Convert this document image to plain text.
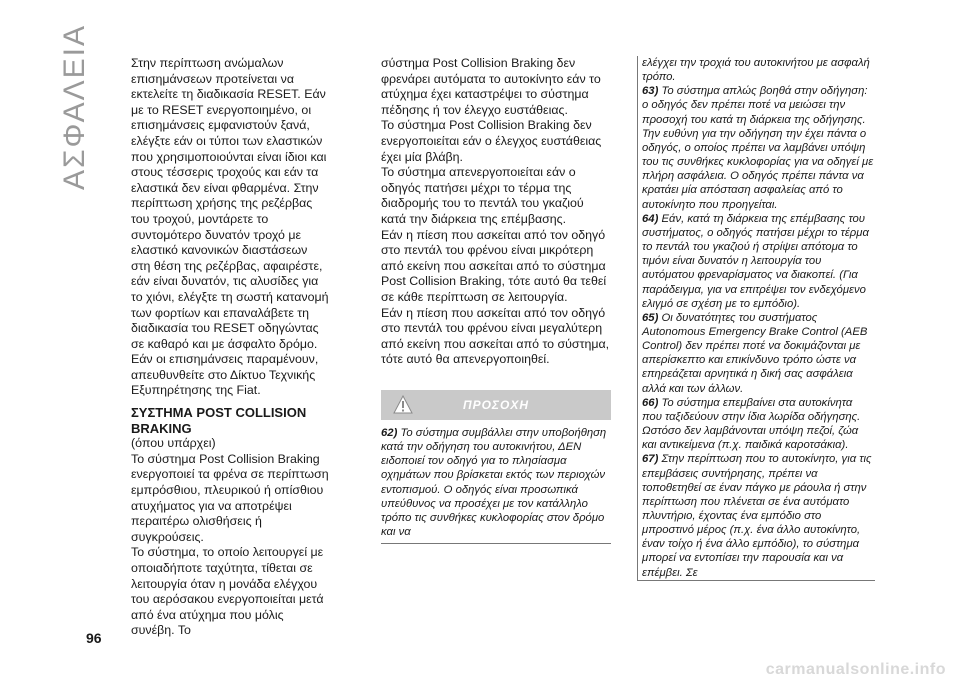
ΑΣΦΑΛΕΙΑ	Στην περίπτωση ανώμαλων επισημάνσεων προτείνεται να εκτελείτε τη διαδικασία RESET. Εάν με το RESET ενεργοποιημένο, οι επισημάνσεις εμφανιστούν ξανά, ελέγξτε εάν οι τύποι των ελαστικών που χρησιμοποιούνται είναι ίδιοι και στους τέσσερις τροχούς και εάν τα ελαστικά δεν είναι φθαρμένα. Στην περίπτωση χρήσης της ρεζέρβας του τροχού, μοντάρετε το συντομότερο δυνατόν τροχό με ελαστικό κανονικών διαστάσεων στη θέση της ρεζέρβας, αφαιρέστε, εάν είναι δυνατόν, τις αλυσίδες για το χιόνι, ελέγξτε τη σωστή κατανομή των φορτίων και επαναλάβετε τη διαδικασία του RESET οδηγώντας σε καθαρό και με άσφαλτο δρόμο. Εάν οι επισημάνσεις παραμένουν, απευθυνθείτε στο Δίκτυο Τεχνικής Εξυπηρέτησης της Fiat.

ΣΥΣΤΗΜΑ POST COLLISION BRAKING

(όπου υπάρχει)

Το σύστημα Post Collision Braking ενεργοποιεί τα φρένα σε περίπτωση εμπρόσθιου, πλευρικού ή οπίσθιου ατυχήματος για να αποτρέψει περαιτέρω ολισθήσεις ή συγκρούσεις.

Το σύστημα, το οποίο λειτουργεί με οποιαδήποτε ταχύτητα, τίθεται σε λειτουργία όταν η μονάδα ελέγχου του αερόσακου ενεργοποιείται μετά από ένα ατύχημα που μόλις συνέβη. Το

σύστημα Post Collision Braking δεν φρενάρει αυτόματα το αυτοκίνητο εάν το ατύχημα έχει καταστρέψει το σύστημα πέδησης ή τον έλεγχο ευστάθειας.

Το σύστημα Post Collision Braking δεν ενεργοποιείται εάν ο έλεγχος ευστάθειας έχει μία βλάβη.

Το σύστημα απενεργοποιείται εάν ο οδηγός πατήσει μέχρι το τέρμα της διαδρομής του το πεντάλ του γκαζιού κατά την διάρκεια της επέμβασης.

Εάν η πίεση που ασκείται από τον οδηγό στο πεντάλ του φρένου είναι μικρότερη από εκείνη που ασκείται από το σύστημα Post Collision Braking, τότε αυτό θα τεθεί σε κάθε περίπτωση σε λειτουργία.

Εάν η πίεση που ασκείται από τον οδηγό στο πεντάλ του φρένου είναι μεγαλύτερη από εκείνη που ασκείται από το σύστημα, τότε αυτό θα απενεργοποιηθεί.

ΠΡΟΣΟΧΗ

62) Το σύστημα συμβάλλει στην υποβοήθηση κατά την οδήγηση του αυτοκινήτου, ΔΕΝ ειδοποιεί τον οδηγό για το πλησίασμα οχημάτων που βρίσκεται εκτός των περιοχών εντοπισμού. Ο οδηγός είναι προσωπικά υπεύθυνος να προσέχει με τον κατάλληλο τρόπο τις συνθήκες κυκλοφορίας στον δρόμο και να

ελέγχει την τροχιά του αυτοκινήτου με ασφαλή τρόπο.

63) Το σύστημα απλώς βοηθά στην οδήγηση: ο οδηγός δεν πρέπει ποτέ να μειώσει την προσοχή του κατά τη διάρκεια της οδήγησης. Την ευθύνη για την οδήγηση την έχει πάντα ο οδηγός, ο οποίος πρέπει να λαμβάνει υπόψη του τις συνθήκες κυκλοφορίας για να οδηγεί με πλήρη ασφάλεια. Ο οδηγός πρέπει πάντα να κρατάει μία απόσταση ασφαλείας από το αυτοκίνητο που προηγείται.

64) Εάν, κατά τη διάρκεια της επέμβασης του συστήματος, ο οδηγός πατήσει μέχρι το τέρμα το πεντάλ του γκαζιού ή στρίψει απότομα το τιμόνι είναι δυνατόν η λειτουργία του αυτόματου φρεναρίσματος να διακοπεί. (Για παράδειγμα, για να επιτρέψει τον ενδεχόμενο ελιγμό σε σχέση με το εμπόδιο).

65) Οι δυνατότητες του συστήματος Autonomous Emergency Brake Control (AEB Control) δεν πρέπει ποτέ να δοκιμάζονται με απερίσκεπτο και επικίνδυνο τρόπο ώστε να επηρεάζεται αρνητικά η δική σας ασφάλεια αλλά και των άλλων.

66) Το σύστημα επεμβαίνει στα αυτοκίνητα που ταξιδεύουν στην ίδια λωρίδα οδήγησης. Ωστόσο δεν λαμβάνονται υπόψη πεζοί, ζώα και αντικείμενα (π.χ. παιδικά καροτσάκια).

67) Στην περίπτωση που το αυτοκίνητο, για τις επεμβάσεις συντήρησης, πρέπει να τοποθετηθεί σε έναν πάγκο με ράουλα ή στην περίπτωση που πλένεται σε ένα αυτόματο πλυντήριο, έχοντας ένα εμπόδιο στο μπροστινό μέρος (π.χ. ένα άλλο αυτοκίνητο, έναν τοίχο ή ένα άλλο εμπόδιο), το σύστημα μπορεί να εντοπίσει την παρουσία και να επέμβει. Σε

96
carmanualsonline.info
